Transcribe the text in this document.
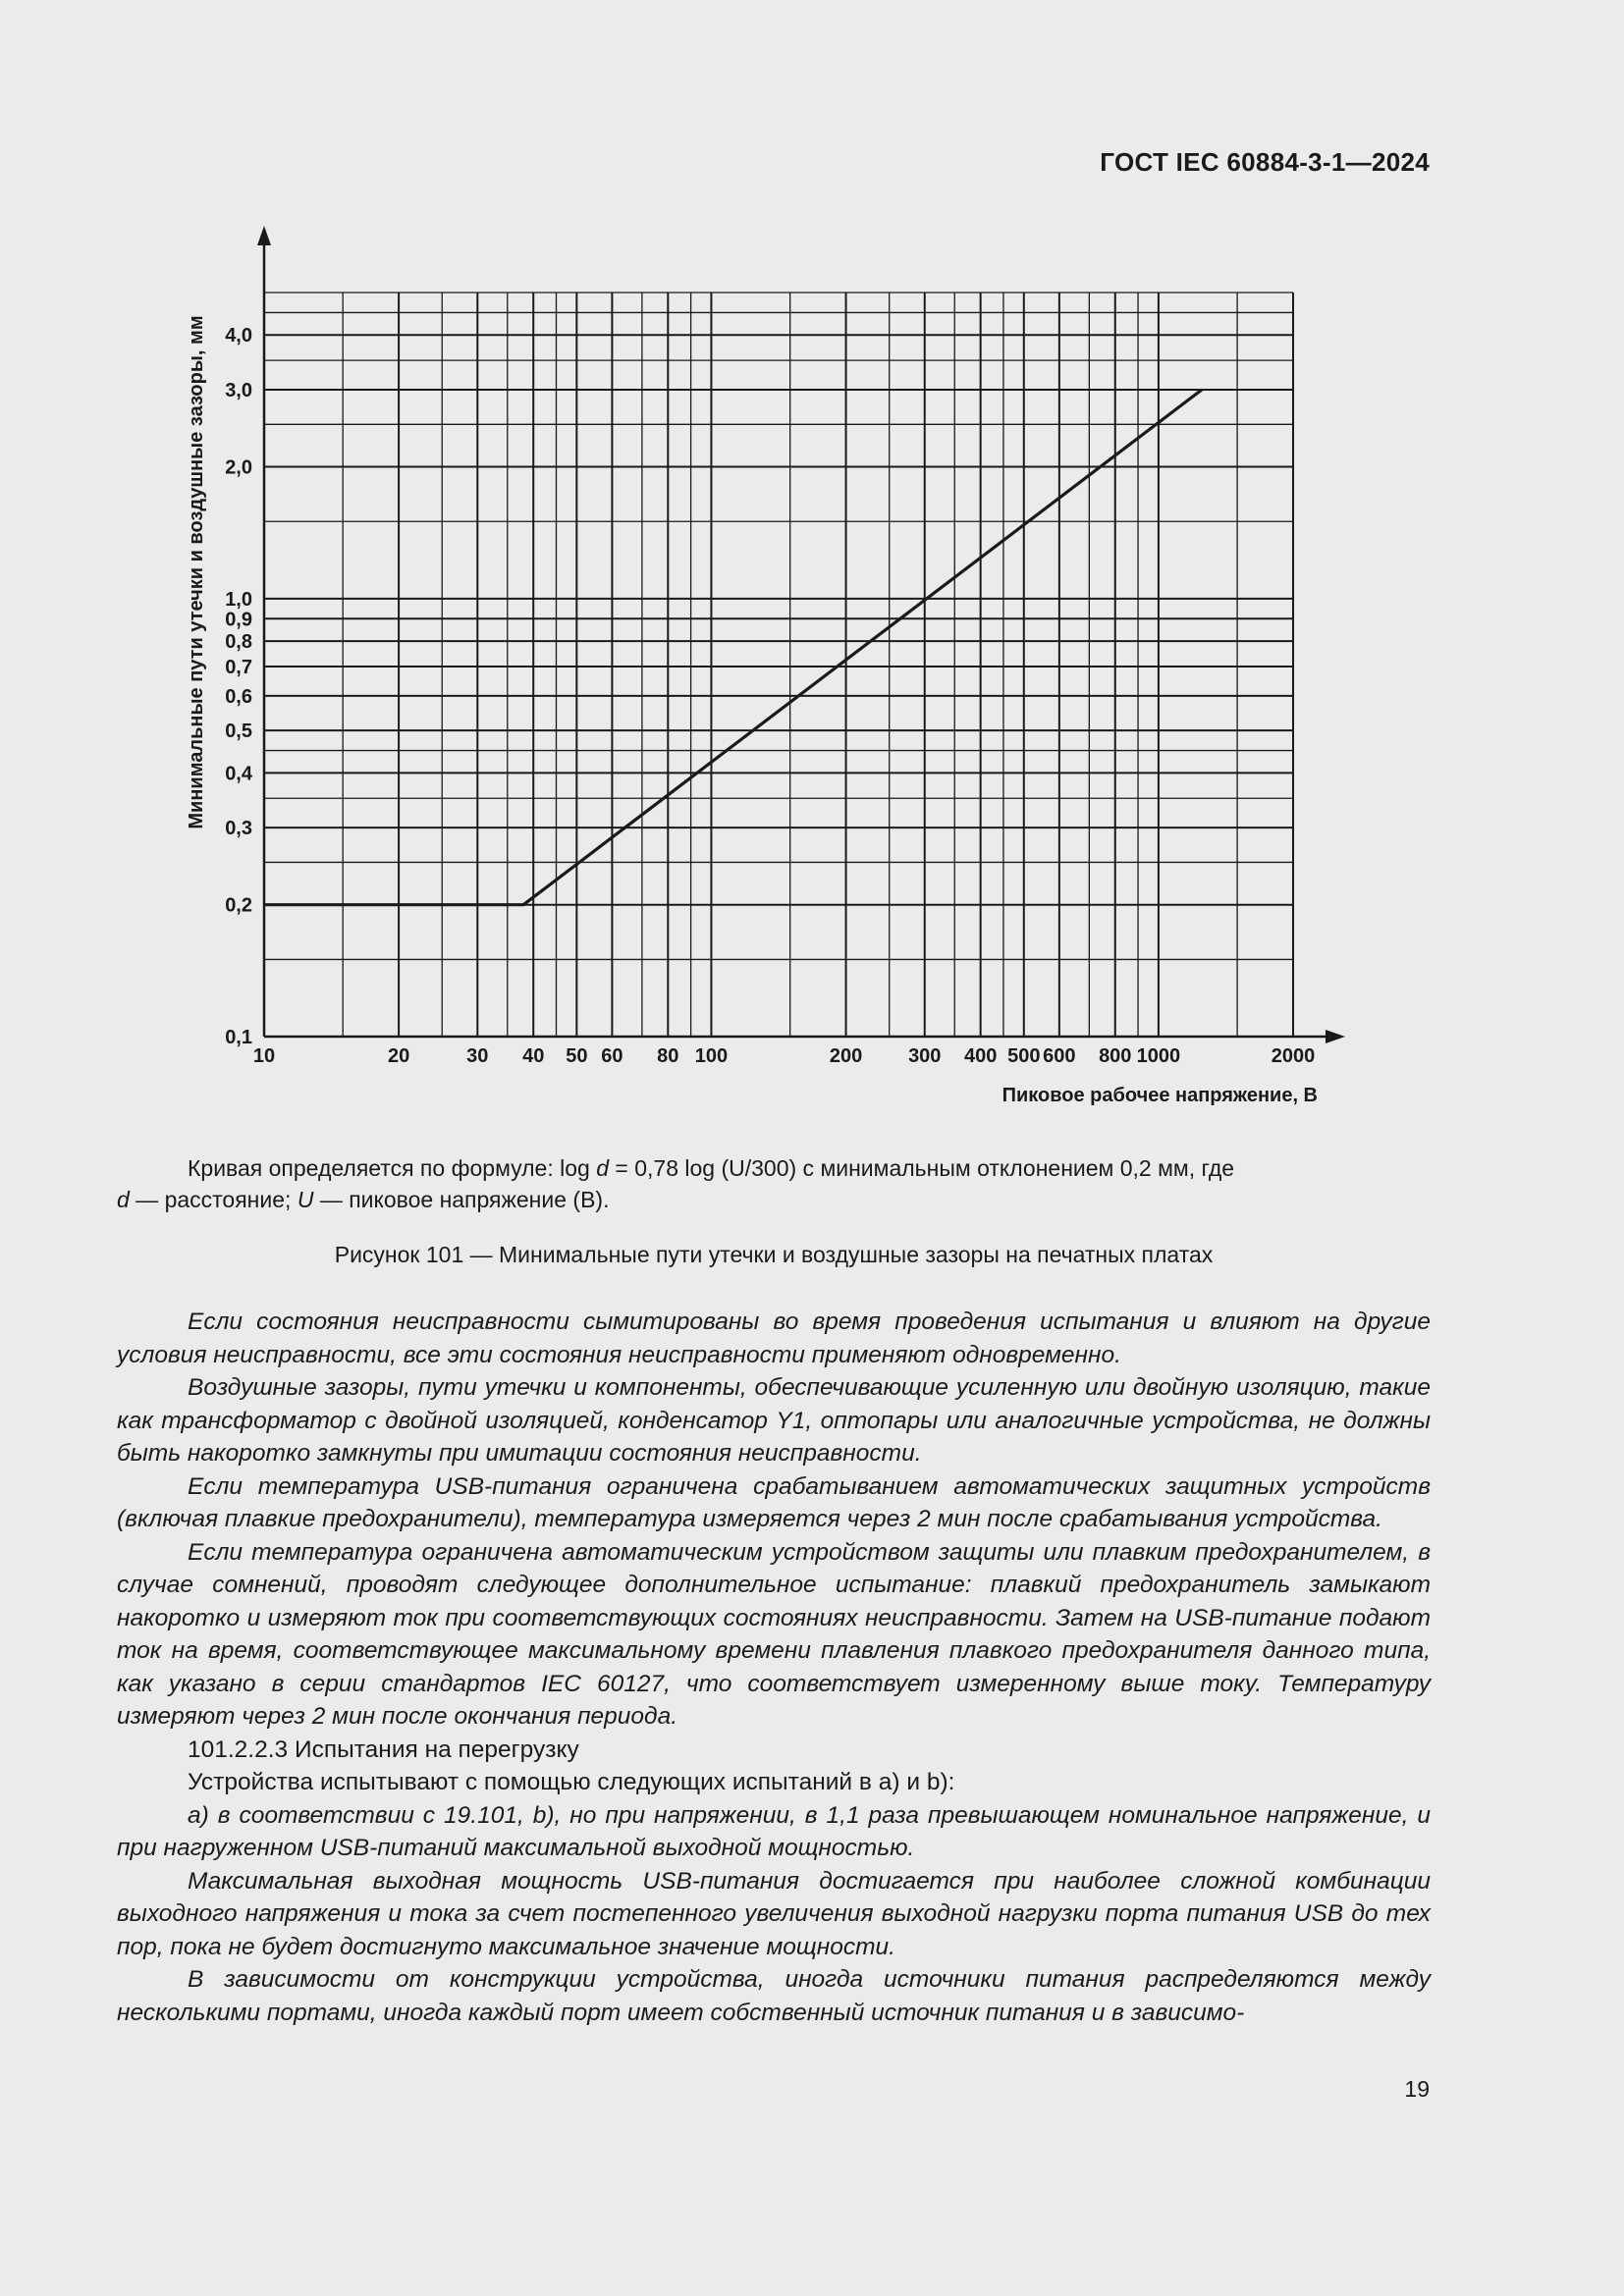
ГОСТ IEC 60884-3-1—2024
10	20	30 40 50 60 80 100	200 300 400 500 600 800 1000	2000
0,1
0,2
0,3
0,4
0,5
0,6
0,7
0,8
0,9
1,0
2,0
3,0
4,0
Пиковое рабочее напряжение, В
Минимальные пути утечки и воздушные зазоры, мм
Кривая определяется по формуле: log d = 0,78 log (U/300) с минимальным отклонением 0,2 мм, где
d — расстояние; U — пиковое напряжение (В).
Рисунок 101 — Минимальные пути утечки и воздушные зазоры на печатных платах

Если состояния неисправности сымитированы во время проведения испытания и влияют на другие условия неисправности, все эти состояния неисправности применяют одновременно.

Воздушные зазоры, пути утечки и компоненты, обеспечивающие усиленную или двойную изоляцию, такие как трансформатор с двойной изоляцией, конденсатор Y1, оптопары или аналогичные устройства, не должны быть накоротко замкнуты при имитации состояния неисправности.

Если температура USB-питания ограничена срабатыванием автоматических защитных устройств (включая плавкие предохранители), температура измеряется через 2 мин после срабатывания устройства.

Если температура ограничена автоматическим устройством защиты или плавким предохранителем, в случае сомнений, проводят следующее дополнительное испытание: плавкий предохранитель замыкают накоротко и измеряют ток при соответствующих состояниях неисправности. Затем на USB-питание подают ток на время, соответствующее максимальному времени плавления плавкого предохранителя данного типа, как указано в серии стандартов IEC 60127, что соответствует измеренному выше току. Температуру измеряют через 2 мин после окончания периода.

101.2.2.3 Испытания на перегрузку

Устройства испытывают с помощью следующих испытаний в а) и b):

а) в соответствии с 19.101, b), но при напряжении, в 1,1 раза превышающем номинальное напряжение, и при нагруженном USB-питаний максимальной выходной мощностью.

Максимальная выходная мощность USB-питания достигается при наиболее сложной комбинации выходного напряжения и тока за счет постепенного увеличения выходной нагрузки порта питания USB до тех пор, пока не будет достигнуто максимальное значение мощности.

В зависимости от конструкции устройства, иногда источники питания распределяются между несколькими портами, иногда каждый порт имеет собственный источник питания и в зависимо-

19
